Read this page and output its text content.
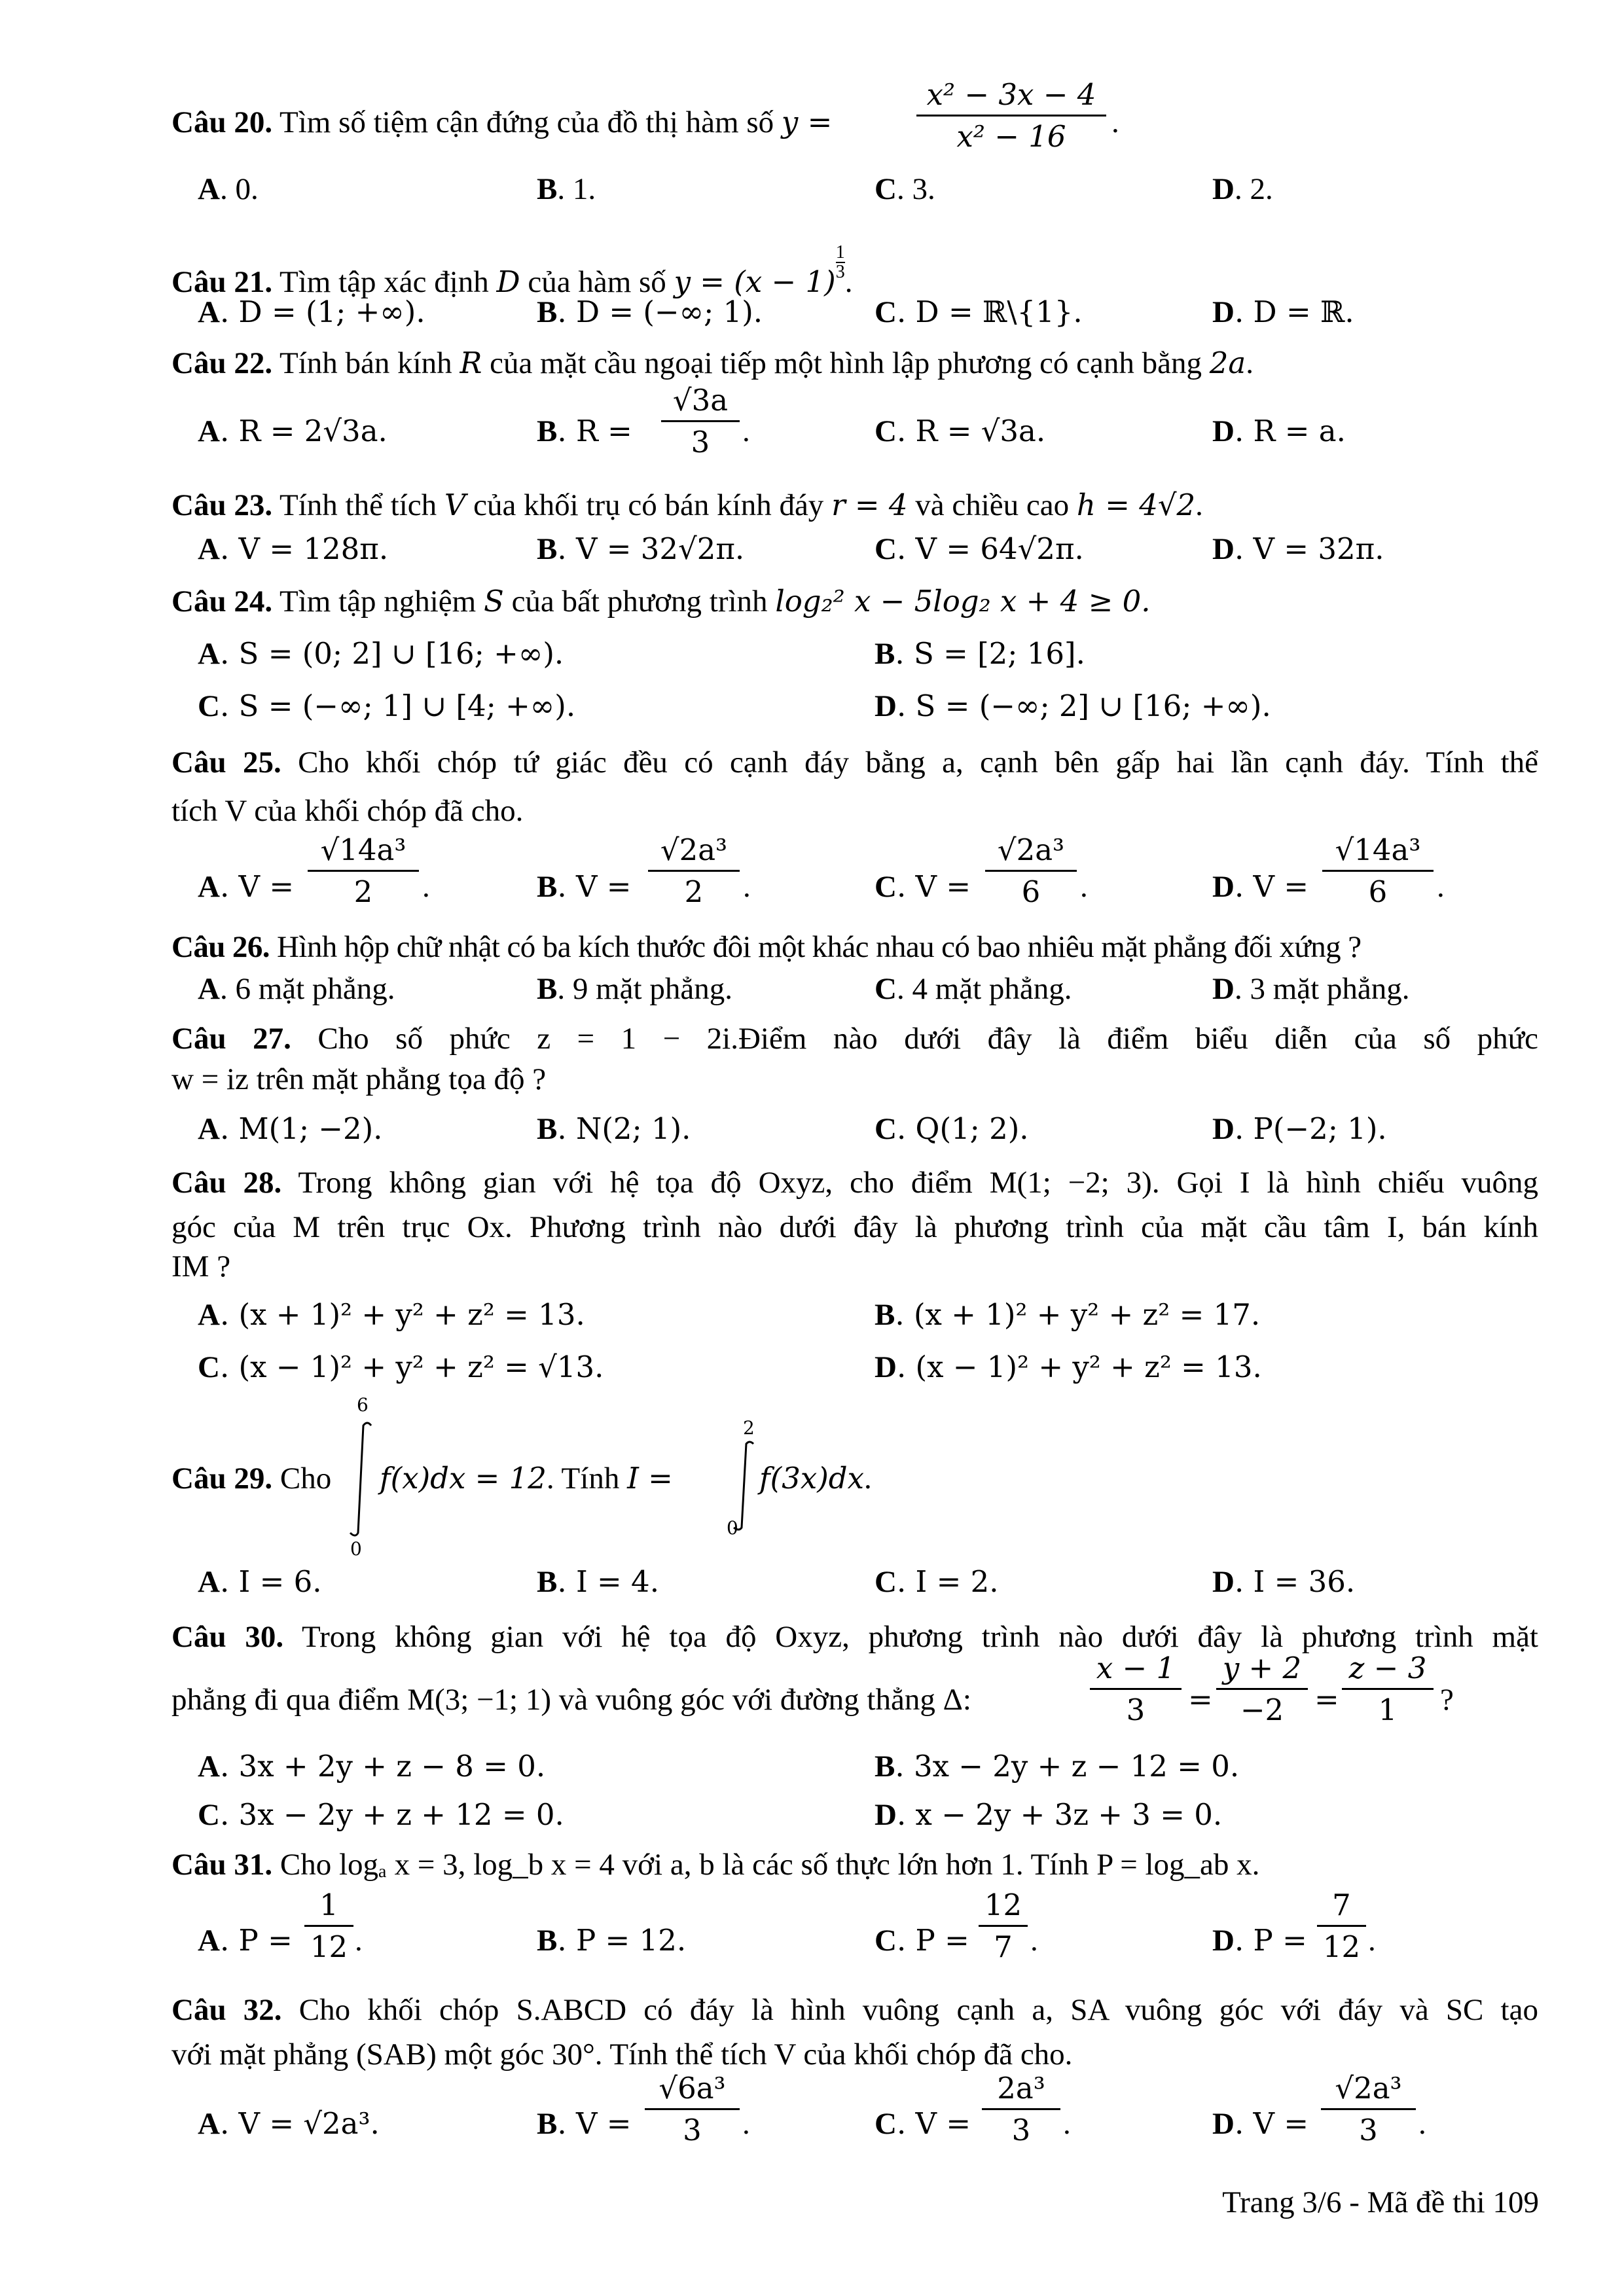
Câu 20. Tìm số tiệm cận đứng của đồ thị hàm số y =
x² − 3x − 4
x² − 16	.
A. 0.	B. 1.	C. 3.	D. 2.
Câu 21. Tìm tập xác định D của hàm số y = (x − 1)
$\frac{1}{3}$
.
A. D = (1; +∞).	B. D = (−∞; 1).	C. D = ℝ\{1}.	D. D = ℝ.
Câu 22. Tính bán kính R của mặt cầu ngoại tiếp một hình lập phương có cạnh bằng 2a.
A. R = 2√3a.	B. R =
√3a
3	.	C. R = √3a.	D. R = a.
Câu 23. Tính thể tích V của khối trụ có bán kính đáy r = 4 và chiều cao h = 4√2.
A. V = 128π.	B. V = 32√2π.	C. V = 64√2π.	D. V = 32π.
Câu 24. Tìm tập nghiệm S của bất phương trình log₂² x − 5log₂ x + 4 ≥ 0.
A. S = (0; 2] ∪ [16; +∞).	B. S = [2; 16].
C. S = (−∞; 1] ∪ [4; +∞).	D. S = (−∞; 2] ∪ [16; +∞).
Câu 25. Cho khối chóp tứ giác đều có cạnh đáy bằng a, cạnh bên gấp hai lần cạnh đáy. Tính thể
tích V của khối chóp đã cho.
A. V =
√14a³
2	.	B. V =
√2a³
2	.	C. V =
√2a³
6	.	D. V =
√14a³
6	.
Câu 26. Hình hộp chữ nhật có ba kích thước đôi một khác nhau có bao nhiêu mặt phẳng đối xứng ?
A. 6 mặt phẳng.	B. 9 mặt phẳng.	C. 4 mặt phẳng.	D. 3 mặt phẳng.
Câu 27. Cho số phức z = 1 − 2i.Điểm nào dưới đây là điểm biểu diễn của số phức
w = iz trên mặt phẳng tọa độ ?
A. M(1; −2).	B. N(2; 1).	C. Q(1; 2).	D. P(−2; 1).
Câu 28. Trong không gian với hệ tọa độ Oxyz, cho điểm M(1; −2; 3). Gọi I là hình chiếu vuông
góc của M trên trục Ox. Phương trình nào dưới đây là phương trình của mặt cầu tâm I, bán kính
IM ?
A. (x + 1)² + y² + z² = 13.	B. (x + 1)² + y² + z² = 17.
C. (x − 1)² + y² + z² = √13.	D. (x − 1)² + y² + z² = 13.
Câu 29. Cho
6
0
f(x)dx = 12. Tính I =
2
0
f(3x)dx.
A. I = 6.	B. I = 4.	C. I = 2.	D. I = 36.
Câu 30. Trong không gian với hệ tọa độ Oxyz, phương trình nào dưới đây là phương trình mặt
phẳng đi qua điểm M(3; −1; 1) và vuông góc với đường thẳng Δ:
x − 1
3	=
y + 2
−2	=
z − 3
1	?
A. 3x + 2y + z − 8 = 0.	B. 3x − 2y + z − 12 = 0.
C. 3x − 2y + z + 12 = 0.	D. x − 2y + 3z + 3 = 0.
Câu 31. Cho logₐ x = 3, log_b x = 4 với a, b là các số thực lớn hơn 1. Tính P = log_ab x.
A. P =
1
12 .	B. P = 12.	C. P =
12
7 .	D. P =
7
12 .
Câu 32. Cho khối chóp S.ABCD có đáy là hình vuông cạnh a, SA vuông góc với đáy và SC tạo
với mặt phẳng (SAB) một góc 30°. Tính thể tích V của khối chóp đã cho.
A. V = √2a³.	B. V =
√6a³
3	.	C. V =
2a³
3	.	D. V =
√2a³
3	.
Trang 3/6 - Mã đề thi 109
